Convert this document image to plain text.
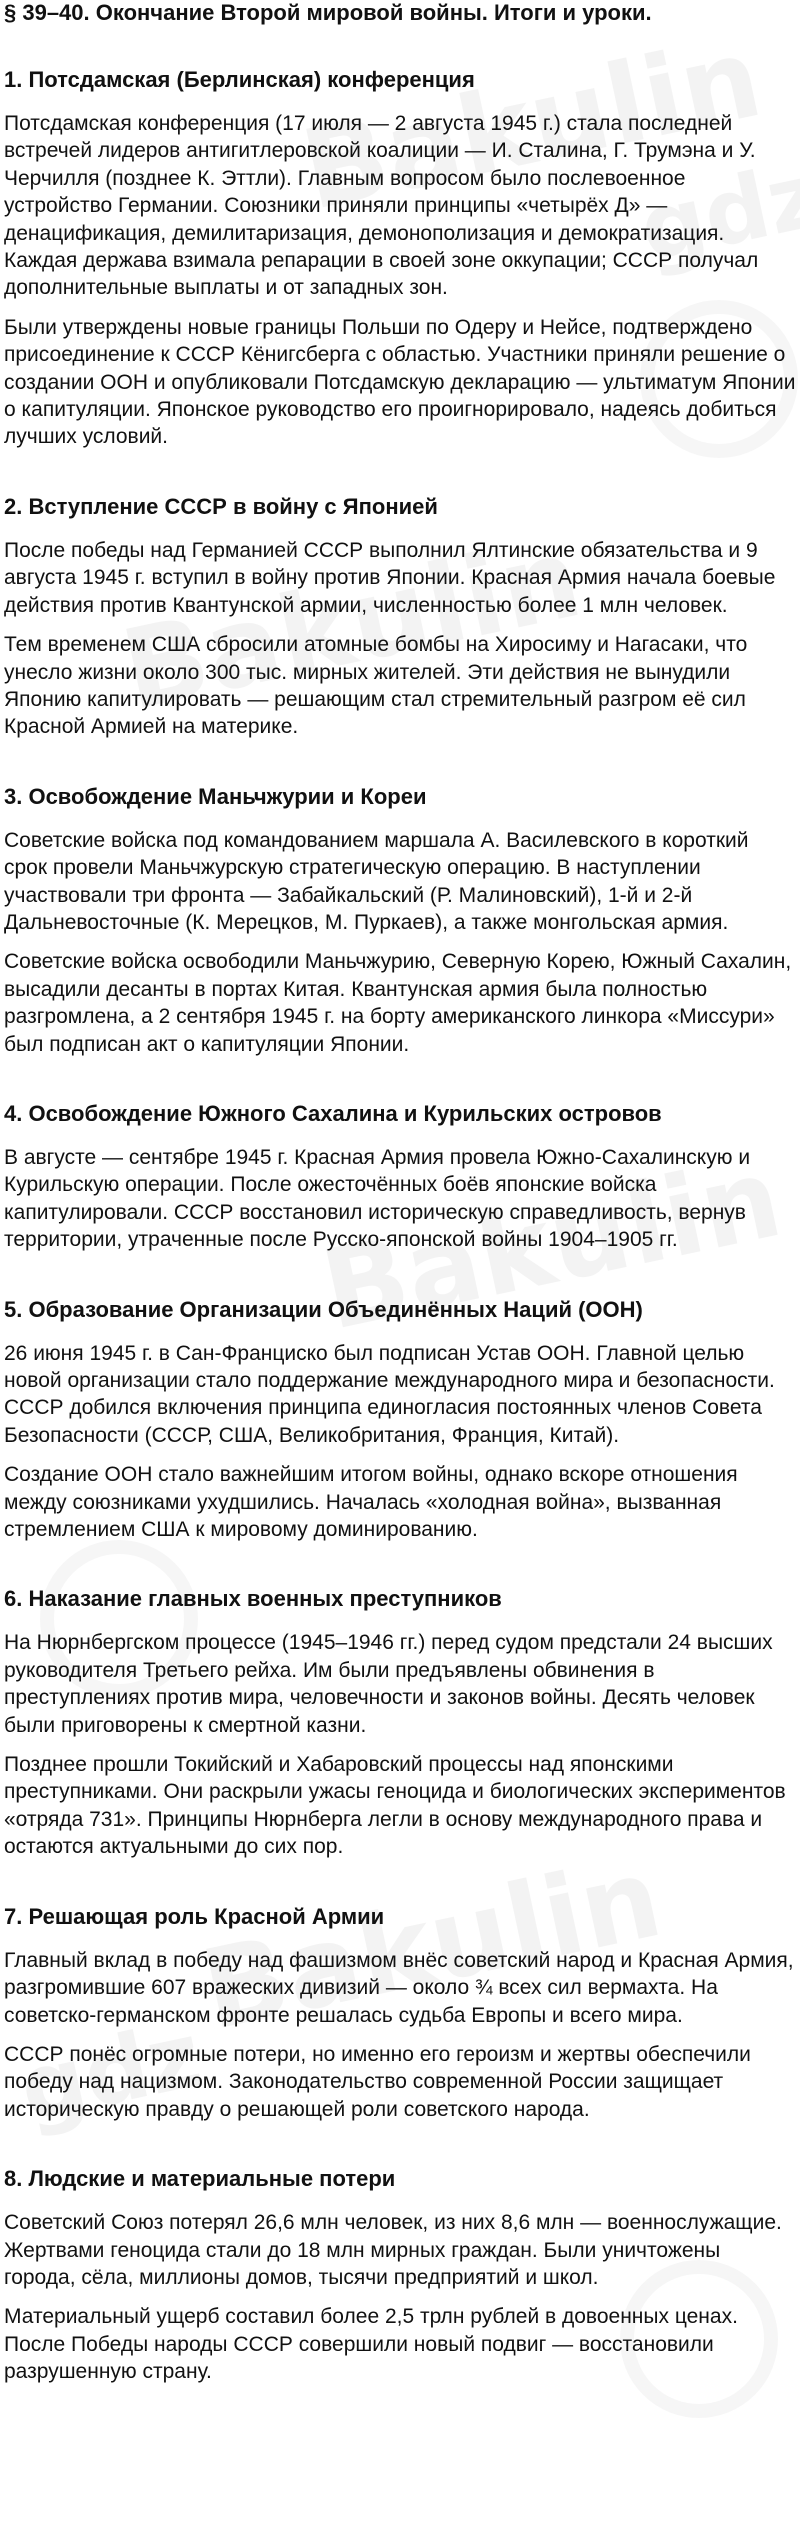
§ 39–40. Окончание Второй мировой войны. Итоги и уроки.
1. Потсдамская (Берлинская) конференция

Потсдамская конференция (17 июля — 2 августа 1945 г.) стала последней встречей лидеров антигитлеровской коалиции — И. Сталина, Г. Трумэна и У. Черчилля (позднее К. Эттли). Главным вопросом было послевоенное устройство Германии. Союзники приняли принципы «четырёх Д» — денацификация, демилитаризация, демонополизация и демократизация. Каждая держава взимала репарации в своей зоне оккупации; СССР получал дополнительные выплаты и от западных зон.

Были утверждены новые границы Польши по Одеру и Нейсе, подтверждено присоединение к СССР Кёнигсберга с областью. Участники приняли решение о создании ООН и опубликовали Потсдамскую декларацию — ультиматум Японии о капитуляции. Японское руководство его проигнорировало, надеясь добиться лучших условий.

2. Вступление СССР в войну с Японией

После победы над Германией СССР выполнил Ялтинские обязательства и 9 августа 1945 г. вступил в войну против Японии. Красная Армия начала боевые действия против Квантунской армии, численностью более 1 млн человек.

Тем временем США сбросили атомные бомбы на Хиросиму и Нагасаки, что унесло жизни около 300 тыс. мирных жителей. Эти действия не вынудили Японию капитулировать — решающим стал стремительный разгром её сил Красной Армией на материке.

3. Освобождение Маньчжурии и Кореи

Советские войска под командованием маршала А. Василевского в короткий срок провели Маньчжурскую стратегическую операцию. В наступлении участвовали три фронта — Забайкальский (Р. Малиновский), 1-й и 2-й Дальневосточные (К. Мерецков, М. Пуркаев), а также монгольская армия.

Советские войска освободили Маньчжурию, Северную Корею, Южный Сахалин, высадили десанты в портах Китая. Квантунская армия была полностью разгромлена, а 2 сентября 1945 г. на борту американского линкора «Миссури» был подписан акт о капитуляции Японии.

4. Освобождение Южного Сахалина и Курильских островов

В августе — сентябре 1945 г. Красная Армия провела Южно-Сахалинскую и Курильскую операции. После ожесточённых боёв японские войска капитулировали. СССР восстановил историческую справедливость, вернув территории, утраченные после Русско-японской войны 1904–1905 гг.

5. Образование Организации Объединённых Наций (ООН)

26 июня 1945 г. в Сан-Франциско был подписан Устав ООН. Главной целью новой организации стало поддержание международного мира и безопасности. СССР добился включения принципа единогласия постоянных членов Совета Безопасности (СССР, США, Великобритания, Франция, Китай).

Создание ООН стало важнейшим итогом войны, однако вскоре отношения между союзниками ухудшились. Началась «холодная война», вызванная стремлением США к мировому доминированию.

6. Наказание главных военных преступников

На Нюрнбергском процессе (1945–1946 гг.) перед судом предстали 24 высших руководителя Третьего рейха. Им были предъявлены обвинения в преступлениях против мира, человечности и законов войны. Десять человек были приговорены к смертной казни.

Позднее прошли Токийский и Хабаровский процессы над японскими преступниками. Они раскрыли ужасы геноцида и биологических экспериментов «отряда 731». Принципы Нюрнберга легли в основу международного права и остаются актуальными до сих пор.

7. Решающая роль Красной Армии

Главный вклад в победу над фашизмом внёс советский народ и Красная Армия, разгромившие 607 вражеских дивизий — около ¾ всех сил вермахта. На советско-германском фронте решалась судьба Европы и всего мира.

СССР понёс огромные потери, но именно его героизм и жертвы обеспечили победу над нацизмом. Законодательство современной России защищает историческую правду о решающей роли советского народа.

8. Людские и материальные потери

Советский Союз потерял 26,6 млн человек, из них 8,6 млн — военнослужащие. Жертвами геноцида стали до 18 млн мирных граждан. Были уничтожены города, сёла, миллионы домов, тысячи предприятий и школ.

Материальный ущерб составил более 2,5 трлн рублей в довоенных ценах. После Победы народы СССР совершили новый подвиг — восстановили разрушенную страну.
